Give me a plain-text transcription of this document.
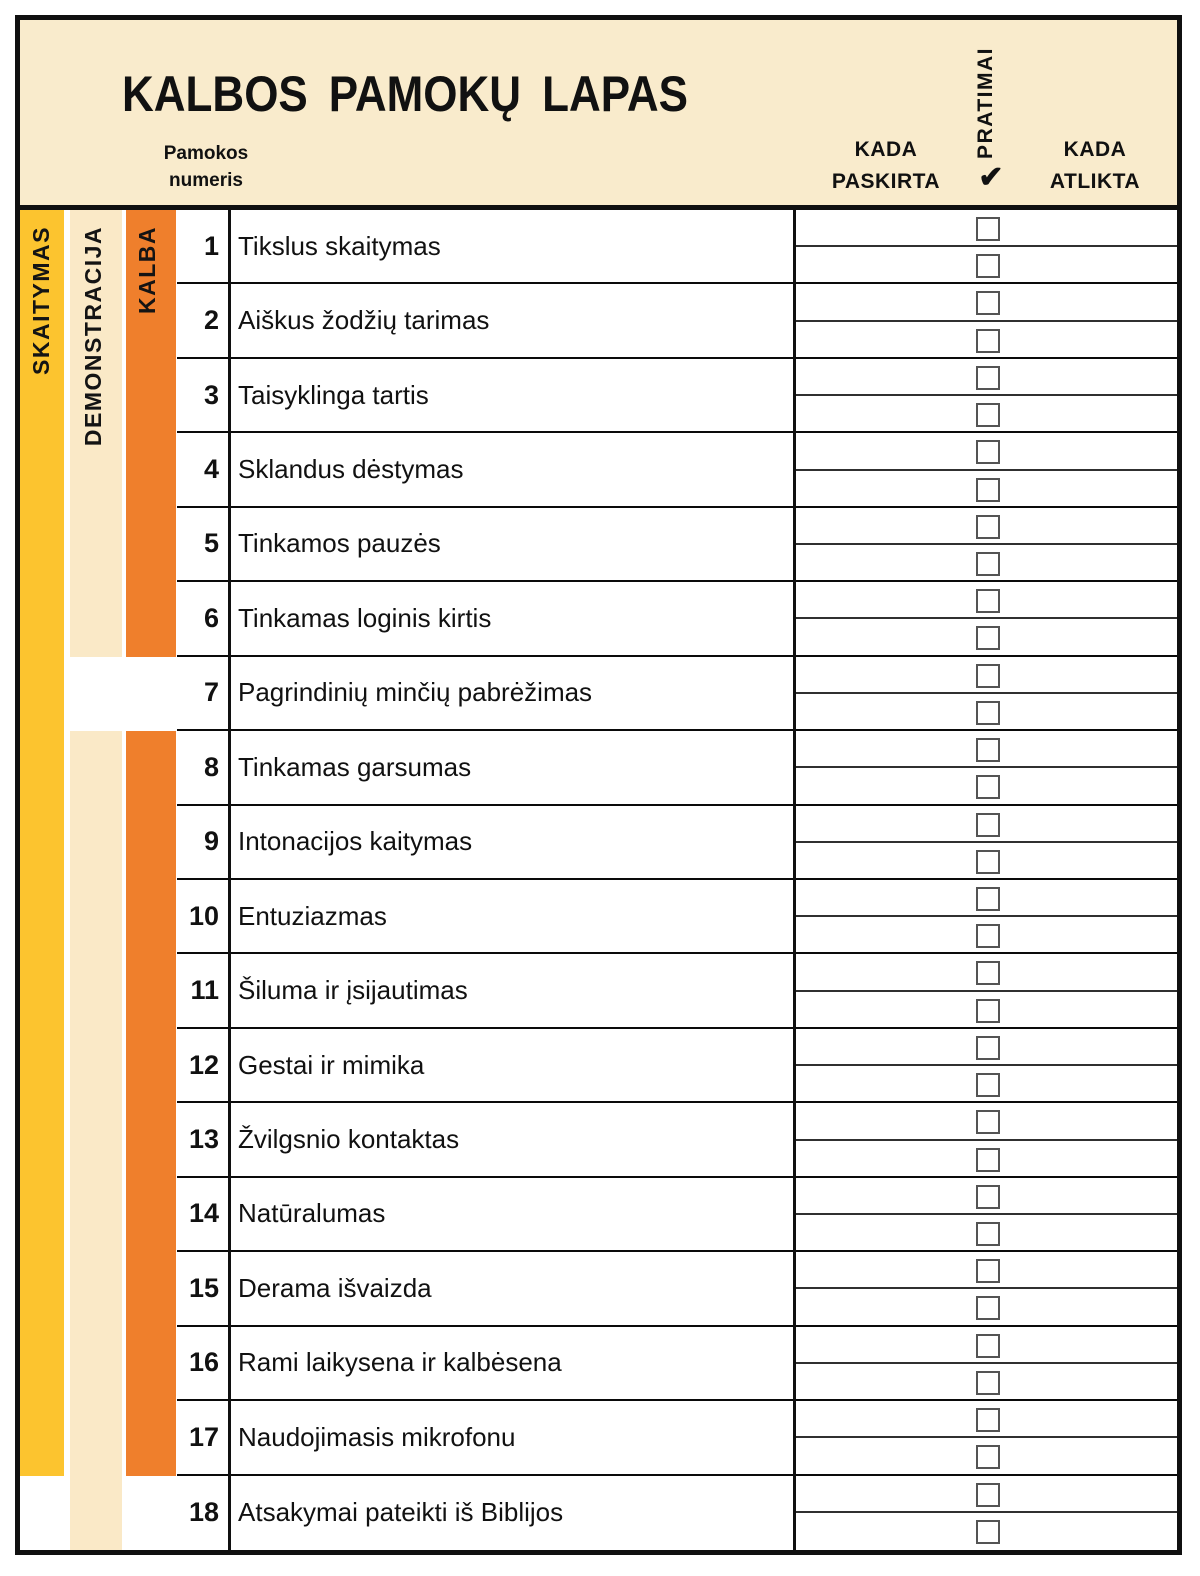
KALBOS PAMOKŲ LAPAS
Pamokos
numeris
KADA
PASKIRTA
PRATIMAI
✔
KADA
ATLIKTA
SKAITYMAS DEMONSTRACIJA KALBA	1 Tikslus skaitymas
2 Aiškus žodžių tarimas
3 Taisyklinga tartis
4 Sklandus dėstymas
5 Tinkamos pauzės
6 Tinkamas loginis kirtis
7 Pagrindinių minčių pabrėžimas
8 Tinkamas garsumas
9 Intonacijos kaitymas
10 Entuziazmas
11 Šiluma ir įsijautimas
12 Gestai ir mimika
13 Žvilgsnio kontaktas
14 Natūralumas
15 Derama išvaizda
16 Rami laikysena ir kalbėsena
17 Naudojimasis mikrofonu
18 Atsakymai pateikti iš Biblijos
